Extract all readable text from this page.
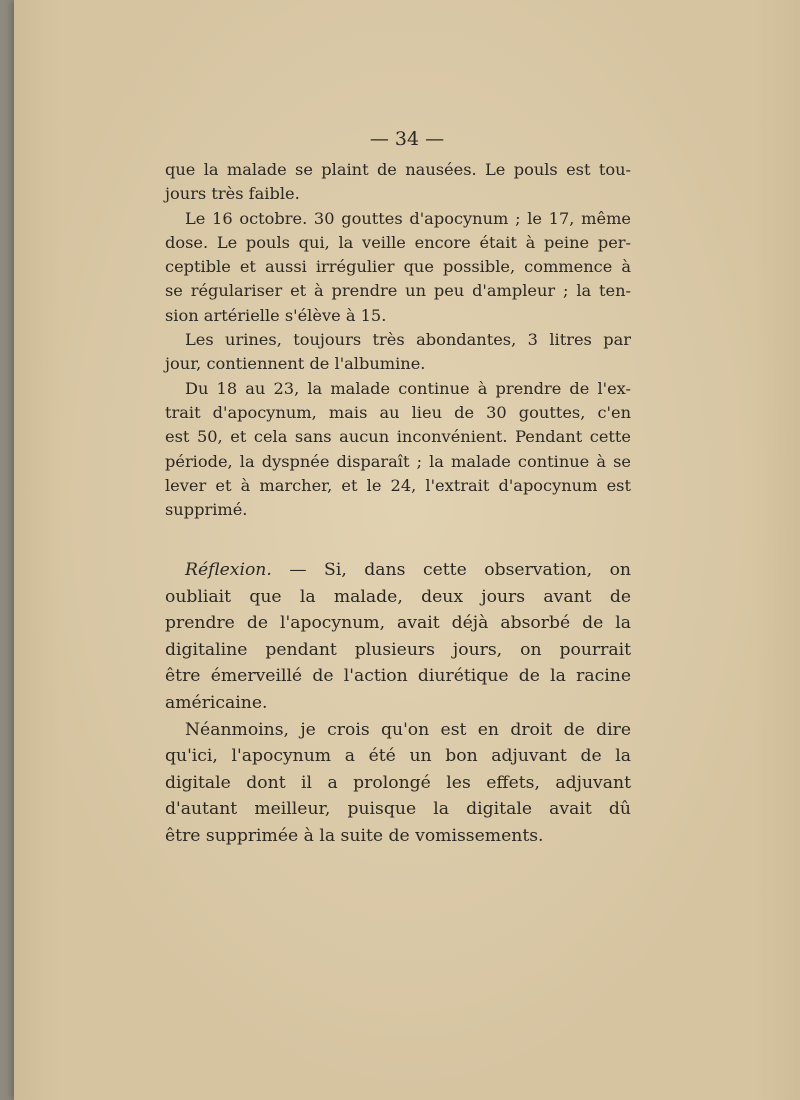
— 34 —
que la malade se plaint de nausées. Le pouls est tou-
jours très faible.
Le 16 octobre. 30 gouttes d'apocynum ; le 17, même
dose. Le pouls qui, la veille encore était à peine per-
ceptible et aussi irrégulier que possible, commence à
se régulariser et à prendre un peu d'ampleur ; la ten-
sion artérielle s'élève à 15.
Les urines, toujours très abondantes, 3 litres par
jour, contiennent de l'albumine.
Du 18 au 23, la malade continue à prendre de l'ex-
trait d'apocynum, mais au lieu de 30 gouttes, c'en
est 50, et cela sans aucun inconvénient. Pendant cette
période, la dyspnée disparaît ; la malade continue à se
lever et à marcher, et le 24, l'extrait d'apocynum est
supprimé.
Réflexion. — Si, dans cette observation, on
oubliait que la malade, deux jours avant de
prendre de l'apocynum, avait déjà absorbé de la
digitaline pendant plusieurs jours, on pourrait
être émerveillé de l'action diurétique de la racine
américaine.
Néanmoins, je crois qu'on est en droit de dire
qu'ici, l'apocynum a été un bon adjuvant de la
digitale dont il a prolongé les effets, adjuvant
d'autant meilleur, puisque la digitale avait dû
être supprimée à la suite de vomissements.
